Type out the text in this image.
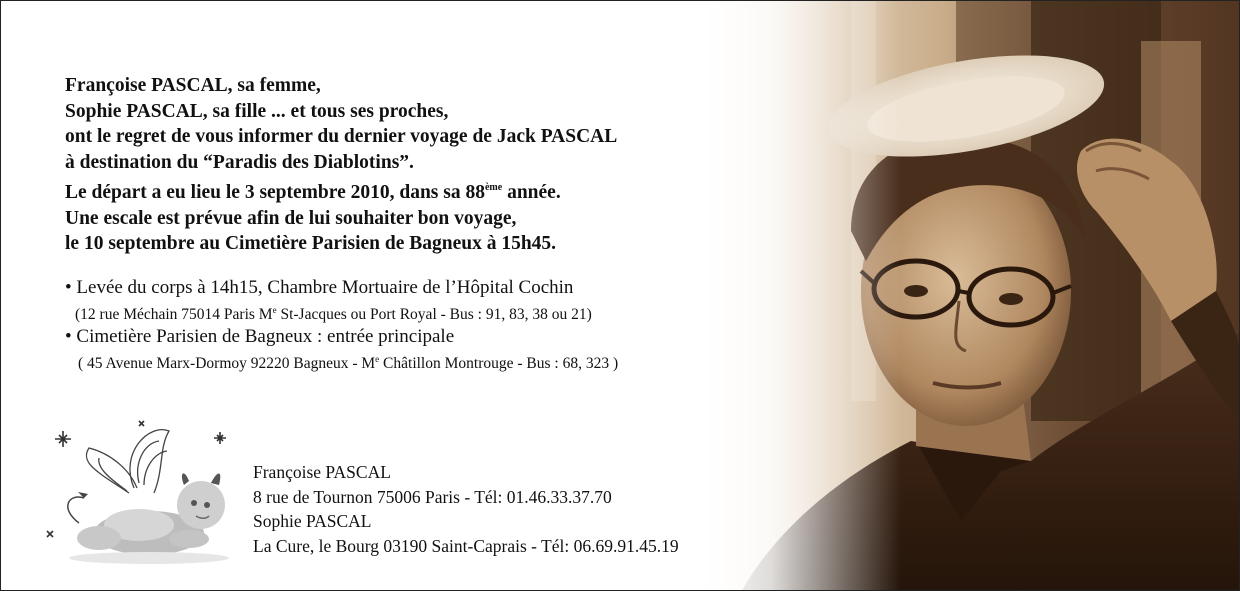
Françoise PASCAL, sa femme,
Sophie PASCAL, sa fille ... et tous ses proches,
ont le regret de vous informer du dernier voyage de Jack PASCAL
à destination du “Paradis des Diablotins”.
Le départ a eu lieu le 3 septembre 2010, dans sa 88ème année.
Une escale est prévue afin de lui souhaiter bon voyage,
le 10 septembre au Cimetière Parisien de Bagneux à 15h45.
• Levée du corps à 14h15, Chambre Mortuaire de l’Hôpital Cochin
(12 rue Méchain 75014 Paris Me St-Jacques ou Port Royal - Bus : 91, 83, 38 ou 21)
• Cimetière Parisien de Bagneux : entrée principale
( 45 Avenue Marx-Dormoy 92220 Bagneux - Me Châtillon Montrouge - Bus : 68, 323 )
Françoise PASCAL
8 rue de Tournon 75006 Paris - Tél: 01.46.33.37.70
Sophie PASCAL
La Cure, le Bourg 03190 Saint-Caprais - Tél: 06.69.91.45.19
